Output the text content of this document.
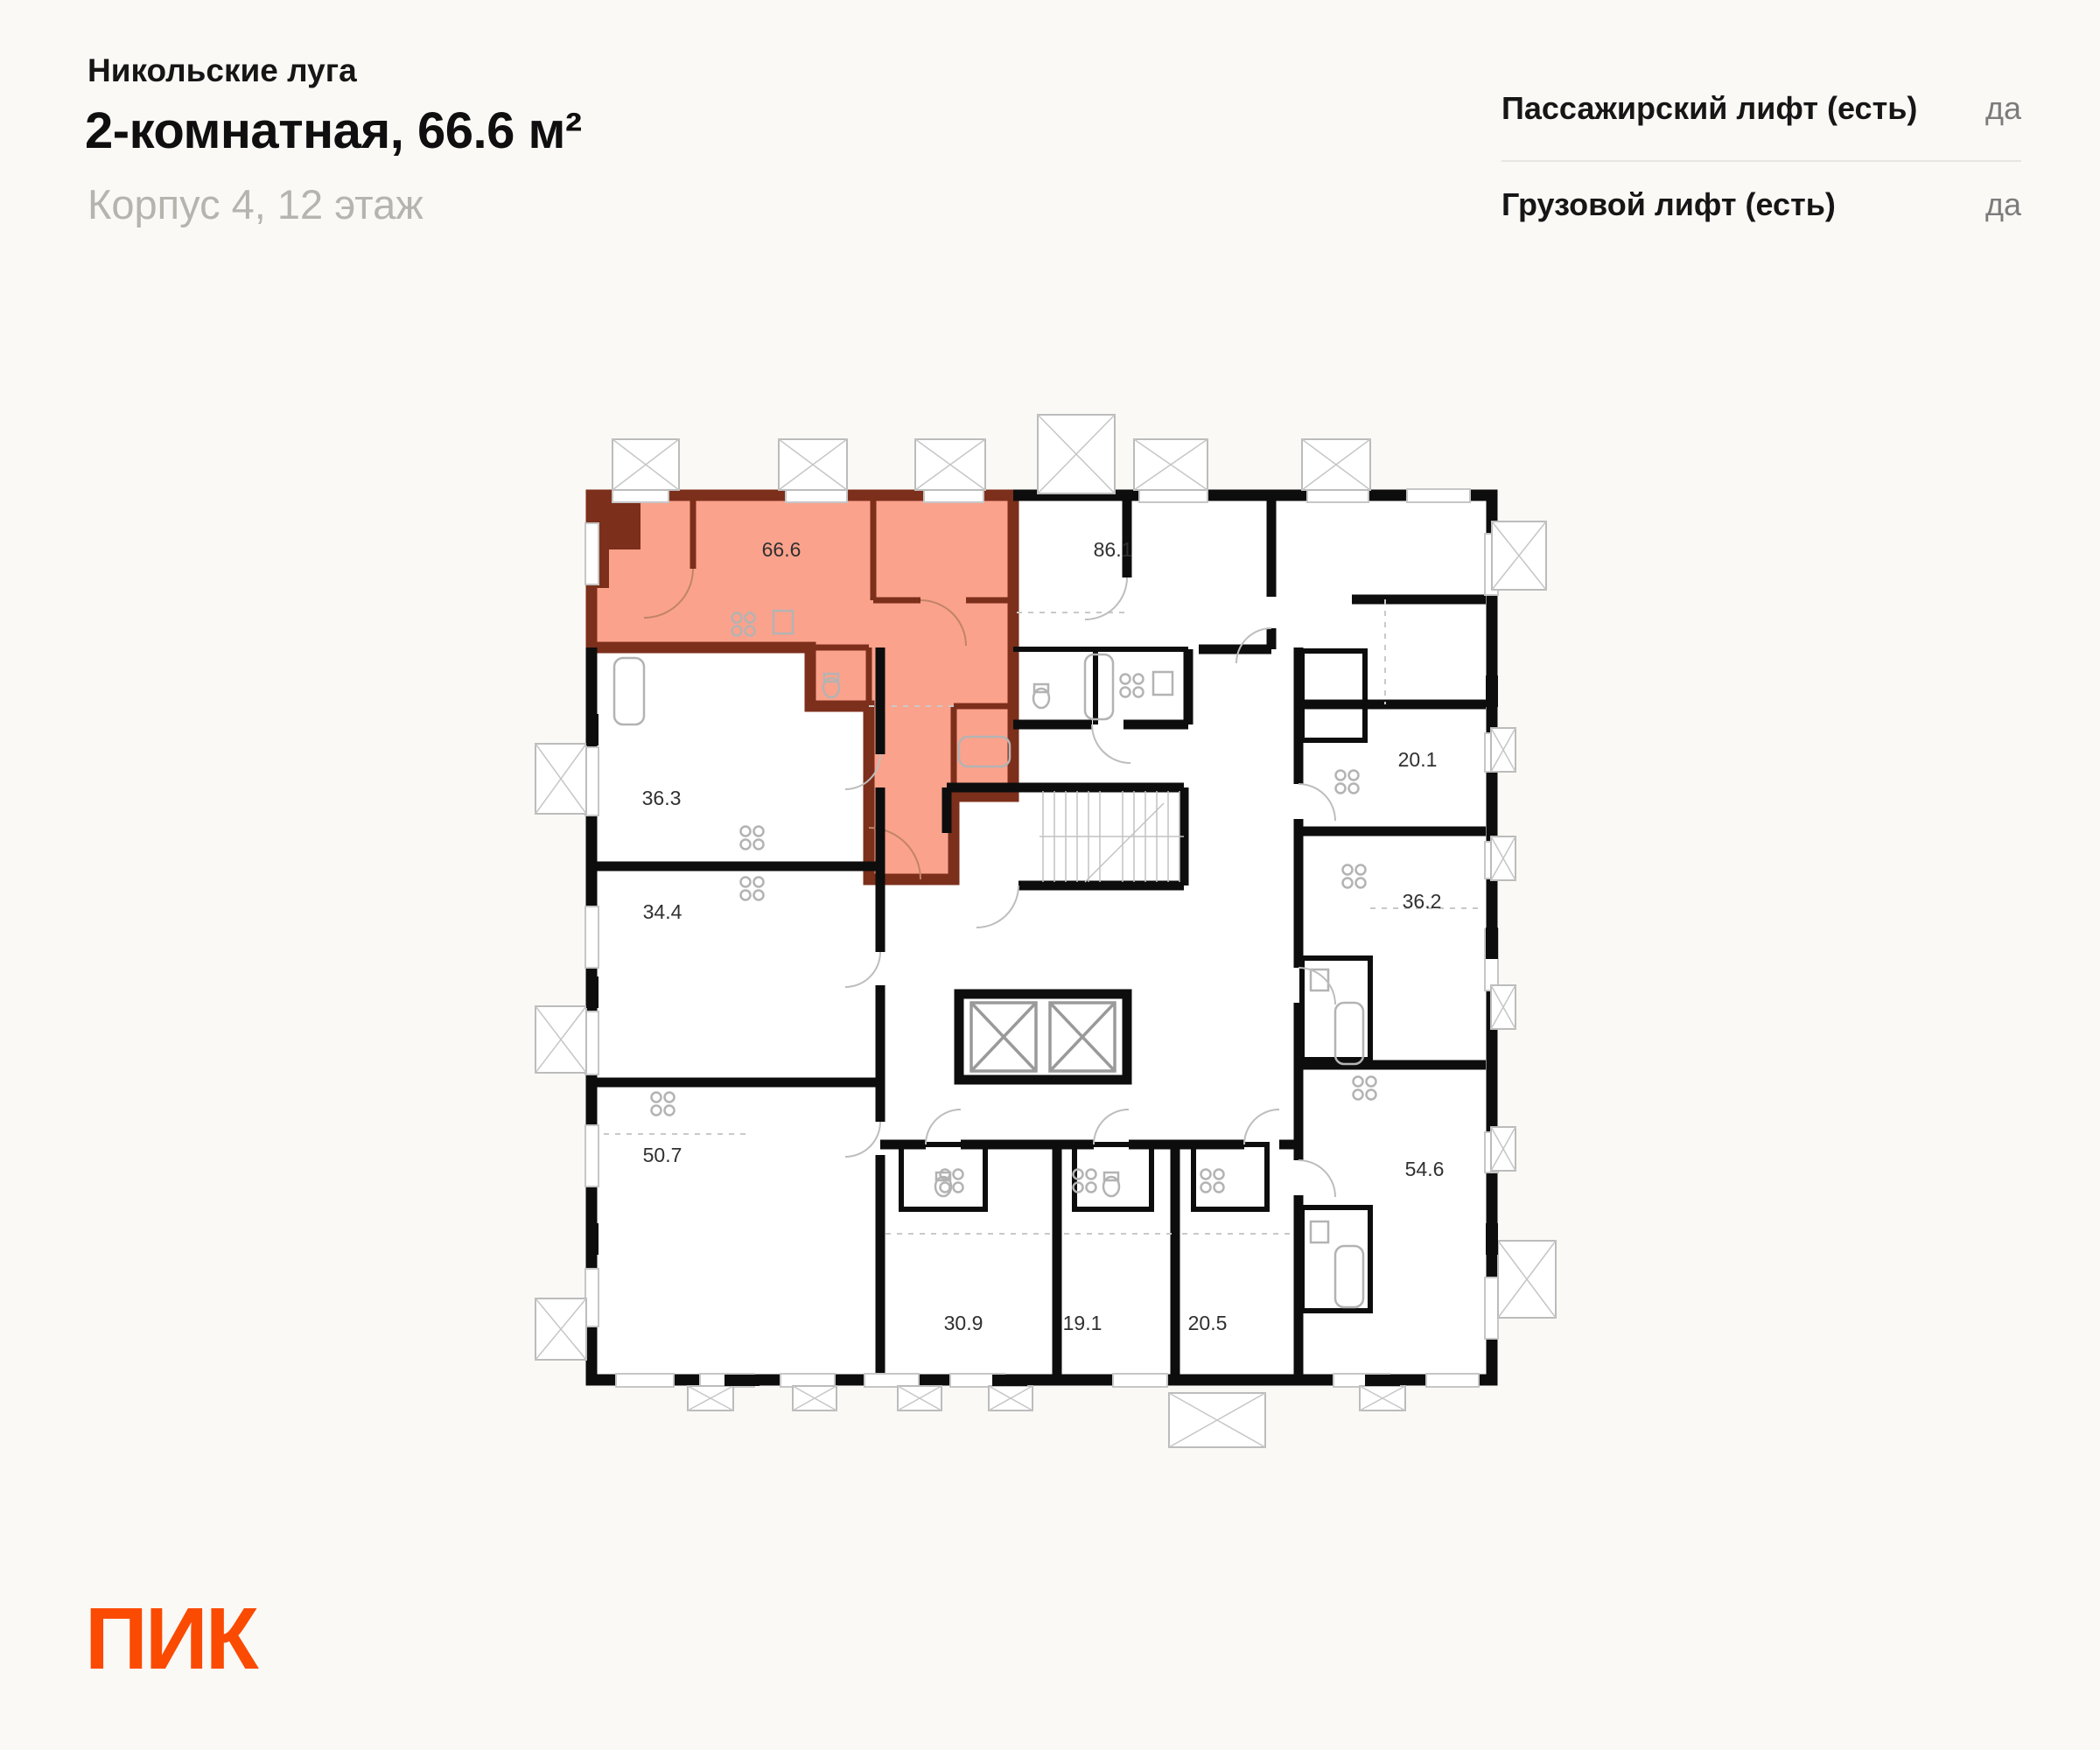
Никольские луга
2-комнатная, 66.6 м²
Корпус 4, 12 этаж
Пассажирский лифт (есть) да
Грузовой лифт (есть)	да
66.6	86.1
36.3
34.4
50.7
20.1
36.2
54.6
30.9	19.1	20.5
ПИК
